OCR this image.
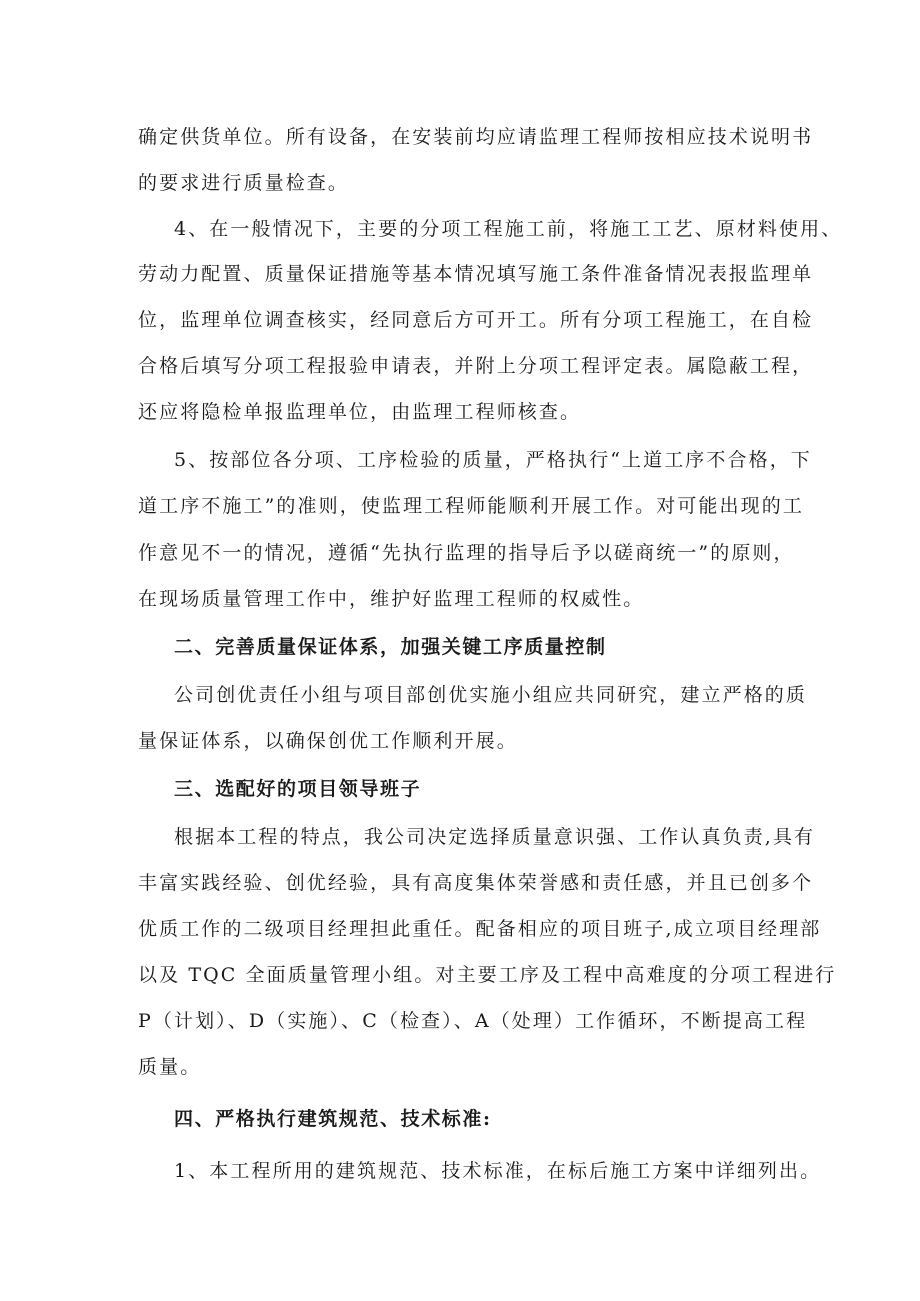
确定供货单位。所有设备，在安装前均应请监理工程师按相应技术说明书
的要求进行质量检查。
4、在一般情况下，主要的分项工程施工前，将施工工艺、原材料使用、
劳动力配置、质量保证措施等基本情况填写施工条件准备情况表报监理单
位，监理单位调查核实，经同意后方可开工。所有分项工程施工，在自检
合格后填写分项工程报验申请表，并附上分项工程评定表。属隐蔽工程，
还应将隐检单报监理单位，由监理工程师核查。
5、按部位各分项、工序检验的质量，严格执行“上道工序不合格，下
道工序不施工”的准则，使监理工程师能顺利开展工作。对可能出现的工
作意见不一的情况，遵循“先执行监理的指导后予以磋商统一”的原则，
在现场质量管理工作中，维护好监理工程师的权威性。
二、完善质量保证体系，加强关键工序质量控制
公司创优责任小组与项目部创优实施小组应共同研究，建立严格的质
量保证体系，以确保创优工作顺利开展。
三、选配好的项目领导班子
根据本工程的特点，我公司决定选择质量意识强、工作认真负责,具有
丰富实践经验、创优经验，具有高度集体荣誉感和责任感，并且已创多个
优质工作的二级项目经理担此重任。配备相应的项目班子,成立项目经理部
以及 TQC 全面质量管理小组。对主要工序及工程中高难度的分项工程进行
P（计划）、D（实施）、C（检查）、A（处理）工作循环，不断提高工程
质量。
四、严格执行建筑规范、技术标准:
1、本工程所用的建筑规范、技术标准，在标后施工方案中详细列出。
